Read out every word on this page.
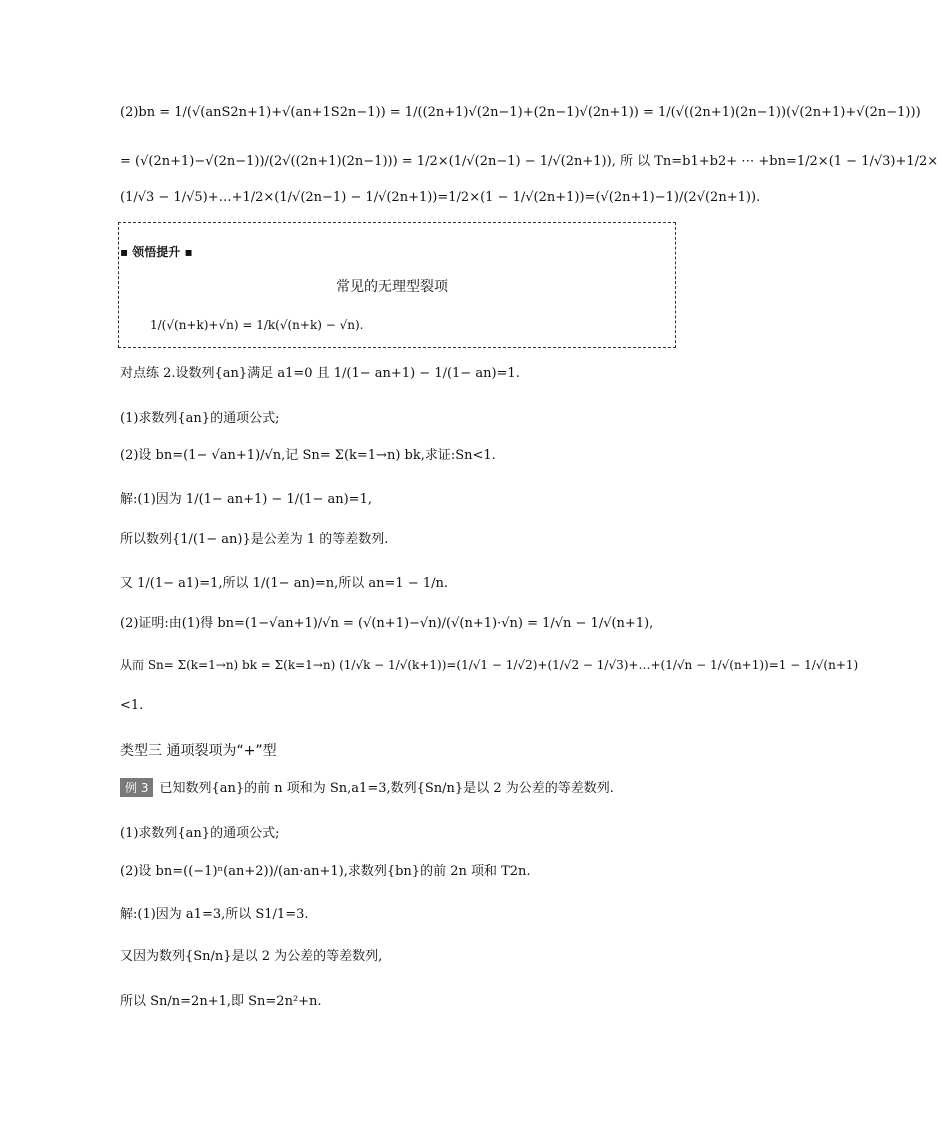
(2)bn = 1/(√(anS2n+1)+√(an+1S2n−1)) = 1/((2n+1)√(2n−1)+(2n−1)√(2n+1)) = 1/(√((2n+1)(2n−1))(√(2n+1)+√(2n−1)))
= (√(2n+1)−√(2n−1))/(2√((2n+1)(2n−1))) = 1/2×(1/√(2n−1) − 1/√(2n+1)), 所 以 Tn=b1+b2+ ⋯ +bn=1/2×(1 − 1/√3)+1/2×
(1/√3 − 1/√5)+…+1/2×(1/√(2n−1) − 1/√(2n+1))=1/2×(1 − 1/√(2n+1))=(√(2n+1)−1)/(2√(2n+1)).
▪ 领悟提升 ▪
常见的无理型裂项
1/(√(n+k)+√n) = 1/k(√(n+k) − √n).
对点练 2.设数列{an}满足 a1=0 且 1/(1− an+1) − 1/(1− an)=1.
(1)求数列{an}的通项公式;
(2)设 bn=(1− √an+1)/√n,记 Sn= Σ(k=1→n) bk,求证:Sn<1.
解:(1)因为 1/(1− an+1) − 1/(1− an)=1,
所以数列{1/(1− an)}是公差为 1 的等差数列.
又 1/(1− a1)=1,所以 1/(1− an)=n,所以 an=1 − 1/n.
(2)证明:由(1)得 bn=(1−√an+1)/√n = (√(n+1)−√n)/(√(n+1)·√n) = 1/√n − 1/√(n+1),
从而 Sn= Σ(k=1→n) bk = Σ(k=1→n) (1/√k − 1/√(k+1))=(1/√1 − 1/√2)+(1/√2 − 1/√3)+…+(1/√n − 1/√(n+1))=1 − 1/√(n+1)
<1.
类型三 通项裂项为“+”型
例 3 已知数列{an}的前 n 项和为 Sn,a1=3,数列{Sn/n}是以 2 为公差的等差数列.
(1)求数列{an}的通项公式;
(2)设 bn=((−1)ⁿ(an+2))/(an·an+1),求数列{bn}的前 2n 项和 T2n.
解:(1)因为 a1=3,所以 S1/1=3.
又因为数列{Sn/n}是以 2 为公差的等差数列,
所以 Sn/n=2n+1,即 Sn=2n²+n.
